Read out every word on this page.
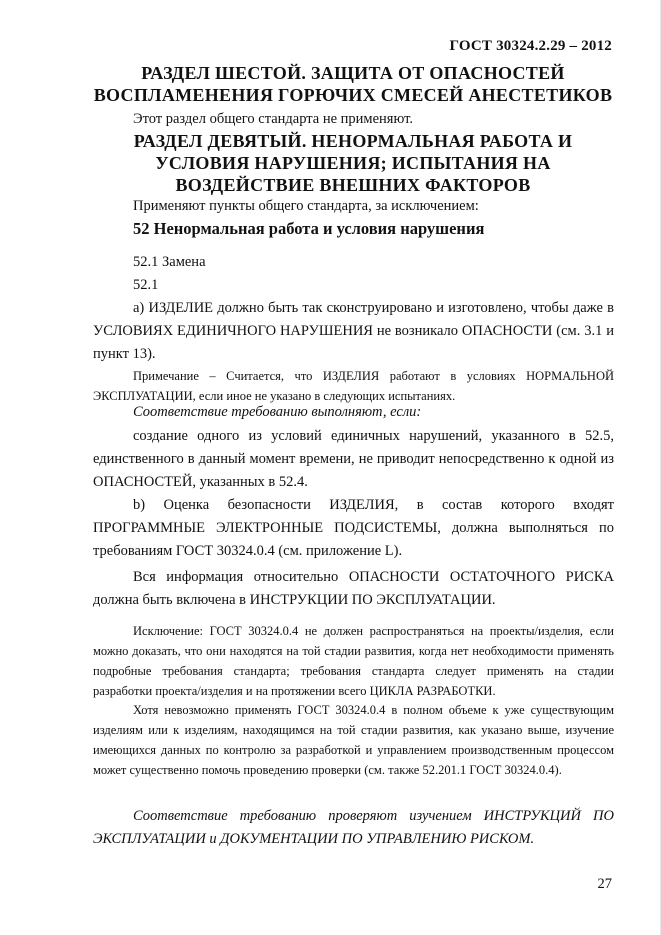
ГОСТ 30324.2.29 – 2012
РАЗДЕЛ ШЕСТОЙ. ЗАЩИТА ОТ ОПАСНОСТЕЙ
ВОСПЛАМЕНЕНИЯ ГОРЮЧИХ СМЕСЕЙ АНЕСТЕТИКОВ
Этот раздел общего стандарта не применяют.
РАЗДЕЛ ДЕВЯТЫЙ. НЕНОРМАЛЬНАЯ РАБОТА И
УСЛОВИЯ НАРУШЕНИЯ; ИСПЫТАНИЯ НА
ВОЗДЕЙСТВИЕ ВНЕШНИХ ФАКТОРОВ
Применяют пункты общего стандарта, за исключением:
52 Ненормальная работа и условия нарушения
52.1 Замена
52.1
а) ИЗДЕЛИЕ должно быть так сконструировано и изготовлено, чтобы даже в УСЛОВИЯХ ЕДИНИЧНОГО НАРУШЕНИЯ не возникало ОПАСНОСТИ (см. 3.1 и пункт 13).
Примечание – Считается, что ИЗДЕЛИЯ работают в условиях НОРМАЛЬНОЙ ЭКСПЛУАТАЦИИ, если иное не указано в следующих испытаниях.
Соответствие требованию выполняют, если:
создание одного из условий единичных нарушений, указанного в 52.5, единственного в данный момент времени, не приводит непосредственно к одной из ОПАСНОСТЕЙ, указанных в 52.4.
b) Оценка безопасности ИЗДЕЛИЯ, в состав которого входят ПРОГРАММНЫЕ ЭЛЕКТРОННЫЕ ПОДСИСТЕМЫ, должна выполняться по требованиям ГОСТ 30324.0.4 (см. приложение L).
Вся информация относительно ОПАСНОСТИ ОСТАТОЧНОГО РИСКА должна быть включена в ИНСТРУКЦИИ ПО ЭКСПЛУАТАЦИИ.
Исключение: ГОСТ 30324.0.4 не должен распространяться на проекты/изделия, если можно доказать, что они находятся на той стадии развития, когда нет необходимости применять подробные требования стандарта; требования стандарта следует применять на стадии разработки проекта/изделия и на протяжении всего ЦИКЛА РАЗРАБОТКИ.
Хотя невозможно применять ГОСТ 30324.0.4 в полном объеме к уже существующим изделиям или к изделиям, находящимся на той стадии развития, как указано выше, изучение имеющихся данных по контролю за разработкой и управлением производственным процессом может существенно помочь проведению проверки (см. также 52.201.1 ГОСТ 30324.0.4).
Соответствие требованию проверяют изучением ИНСТРУКЦИЙ ПО ЭКСПЛУАТАЦИИ и ДОКУМЕНТАЦИИ ПО УПРАВЛЕНИЮ РИСКОМ.
27
